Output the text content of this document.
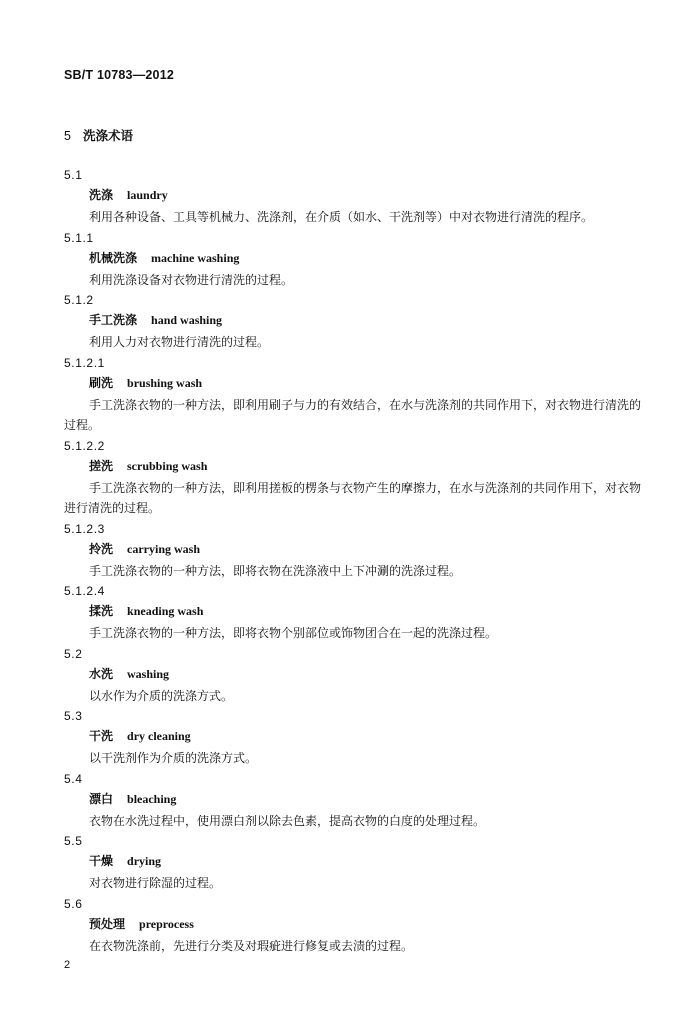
SB/T 10783—2012
5 洗涤术语
5.1
洗涤 laundry
利用各种设备、工具等机械力、洗涤剂，在介质（如水、干洗剂等）中对衣物进行清洗的程序。
5.1.1
机械洗涤 machine washing
利用洗涤设备对衣物进行清洗的过程。
5.1.2
手工洗涤 hand washing
利用人力对衣物进行清洗的过程。
5.1.2.1
刷洗 brushing wash
手工洗涤衣物的一种方法，即利用刷子与力的有效结合，在水与洗涤剂的共同作用下，对衣物进行清洗的过程。
5.1.2.2
搓洗 scrubbing wash
手工洗涤衣物的一种方法，即利用搓板的楞条与衣物产生的摩擦力，在水与洗涤剂的共同作用下，对衣物进行清洗的过程。
5.1.2.3
拎洗 carrying wash
手工洗涤衣物的一种方法，即将衣物在洗涤液中上下冲涮的洗涤过程。
5.1.2.4
揉洗 kneading wash
手工洗涤衣物的一种方法，即将衣物个别部位或饰物团合在一起的洗涤过程。
5.2
水洗 washing
以水作为介质的洗涤方式。
5.3
干洗 dry cleaning
以干洗剂作为介质的洗涤方式。
5.4
漂白 bleaching
衣物在水洗过程中，使用漂白剂以除去色素，提高衣物的白度的处理过程。
5.5
干燥 drying
对衣物进行除湿的过程。
5.6
预处理 preprocess
在衣物洗涤前，先进行分类及对瑕疵进行修复或去渍的过程。
2
